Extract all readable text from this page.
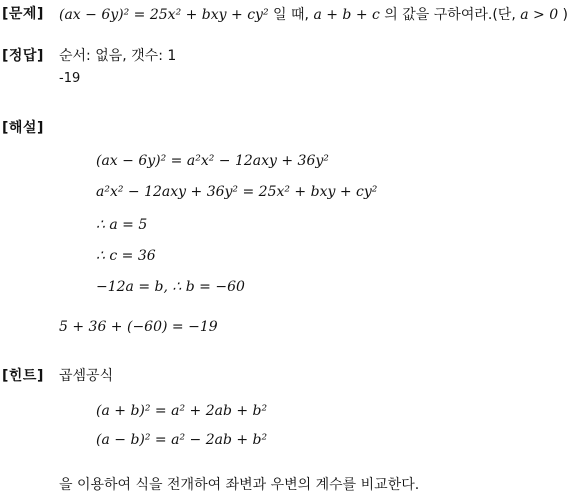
[문제] (ax − 6y)² = 25x² + bxy + cy² 일 때, a + b + c 의 값을 구하여라.(단, a > 0 )
[정답] 순서: 없음, 갯수: 1
-19
[해설]
(ax − 6y)² = a²x² − 12axy + 36y²
a²x² − 12axy + 36y² = 25x² + bxy + cy²
∴ a = 5
∴ c = 36
−12a = b, ∴ b = −60
5 + 36 + (−60) = −19
[힌트] 곱셈공식
(a + b)² = a² + 2ab + b²
(a − b)² = a² − 2ab + b²
을 이용하여 식을 전개하여 좌변과 우변의 계수를 비교한다.
